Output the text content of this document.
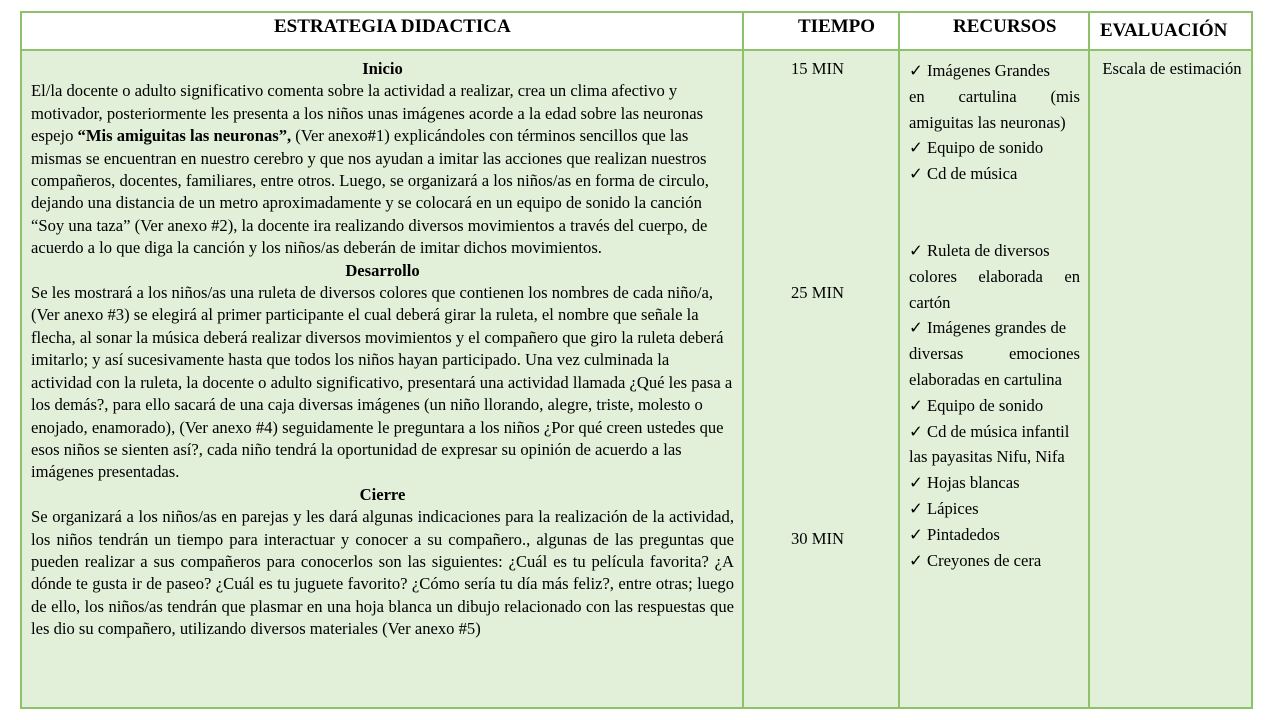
ESTRATEGIA DIDACTICA	TIEMPO	RECURSOS EVALUACIÓN

Inicio

El/la docente o adulto significativo comenta sobre la actividad a realizar, crea un clima afectivo y motivador, posteriormente les presenta a los niños unas imágenes acorde a la edad sobre las neuronas espejo “Mis amiguitas las neuronas”, (Ver anexo#1) explicándoles con términos sencillos que las mismas se encuentran en nuestro cerebro y que nos ayudan a imitar las acciones que realizan nuestros compañeros, docentes, familiares, entre otros. Luego, se organizará a los niños/as en forma de circulo, dejando una distancia de un metro aproximadamente y se colocará en un equipo de sonido la canción “Soy una taza” (Ver anexo #2), la docente ira realizando diversos movimientos a través del cuerpo, de acuerdo a lo que diga la canción y los niños/as deberán de imitar dichos movimientos.

Desarrollo

Se les mostrará a los niños/as una ruleta de diversos colores que contienen los nombres de cada niño/a, (Ver anexo #3) se elegirá al primer participante el cual deberá girar la ruleta, el nombre que señale la flecha, al sonar la música deberá realizar diversos movimientos y el compañero que giro la ruleta deberá imitarlo; y así sucesivamente hasta que todos los niños hayan participado. Una vez culminada la actividad con la ruleta, la docente o adulto significativo, presentará una actividad llamada ¿Qué les pasa a los demás?, para ello sacará de una caja diversas imágenes (un niño llorando, alegre, triste, molesto o enojado, enamorado), (Ver anexo #4) seguidamente le preguntara a los niños ¿Por qué creen ustedes que esos niños se sienten así?, cada niño tendrá la oportunidad de expresar su opinión de acuerdo a las imágenes presentadas.

Cierre

Se organizará a los niños/as en parejas y les dará algunas indicaciones para la realización de la actividad, los niños tendrán un tiempo para interactuar y conocer a su compañero., algunas de las preguntas que pueden realizar a sus compañeros para conocerlos son las siguientes: ¿Cuál es tu película favorita? ¿A dónde te gusta ir de paseo? ¿Cuál es tu juguete favorito? ¿Cómo sería tu día más feliz?, entre otras; luego de ello, los niños/as tendrán que plasmar en una hoja blanca un dibujo relacionado con las respuestas que les dio su compañero, utilizando diversos materiales (Ver anexo #5)

15 MIN
25 MIN
30 MIN
✓ Imágenes Grandes
en cartulina (mis amiguitas las neuronas)
✓ Equipo de sonido
✓ Cd de música
✓ Ruleta de diversos
colores elaborada en cartón
✓ Imágenes grandes de
diversas emociones elaboradas en cartulina
✓ Equipo de sonido
✓ Cd de música infantil
las payasitas Nifu, Nifa
✓ Hojas blancas
✓ Lápices
✓ Pintadedos
✓ Creyones de cera
Escala de estimación
